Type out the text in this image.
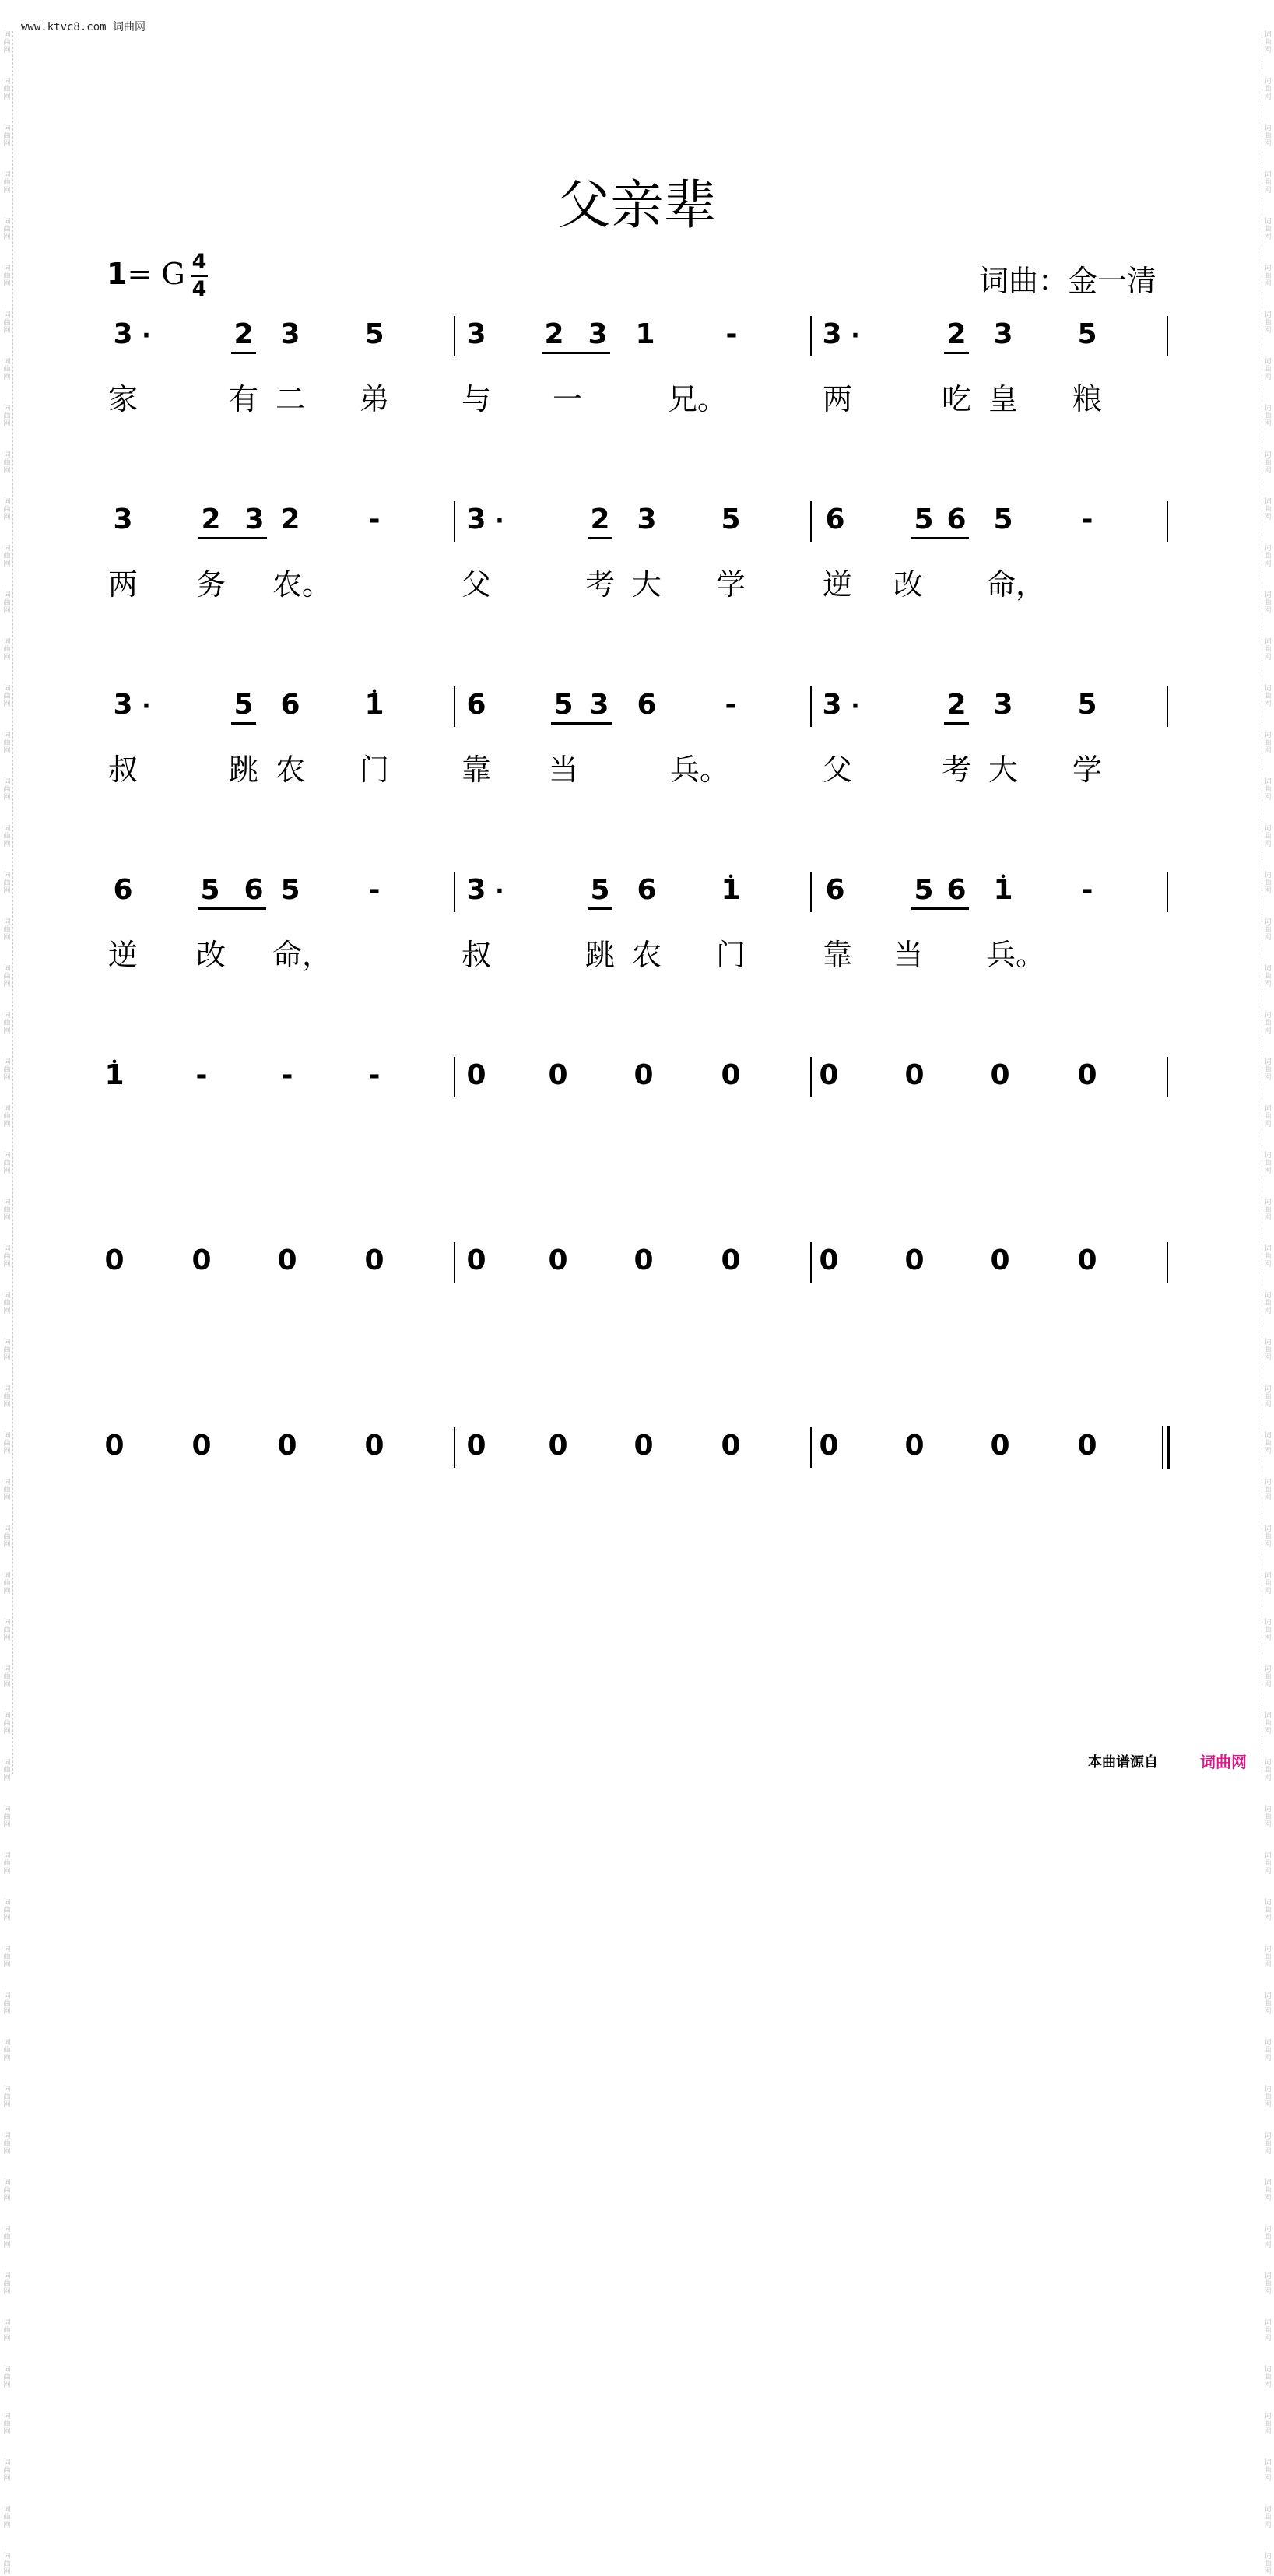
www.ktvc8.com 词曲网
词曲网
词曲网
词曲网
词曲网
词曲网
词曲网
词曲网
词曲网
词曲网
词曲网
词曲网
词曲网
词曲网
词曲网
词曲网
词曲网
词曲网
词曲网
词曲网
词曲网
词曲网
词曲网
词曲网
词曲网
词曲网
词曲网
词曲网
词曲网
词曲网
词曲网
词曲网
词曲网
词曲网
词曲网
词曲网
词曲网
词曲网
词曲网
词曲网
词曲网
词曲网
词曲网
词曲网
词曲网
词曲网
词曲网
词曲网
词曲网
词曲网
词曲网
词曲网
词曲网
词曲网
词曲网
词曲网
词曲网
词曲网
词曲网
词曲网
词曲网
词曲网
词曲网
词曲网
词曲网
词曲网
词曲网
词曲网
词曲网
词曲网
词曲网
词曲网
词曲网
词曲网
词曲网
词曲网
词曲网
词曲网
词曲网
词曲网
词曲网
词曲网
词曲网
词曲网
词曲网
词曲网
词曲网
词曲网
词曲网
词曲网
词曲网
词曲网
词曲网
词曲网
词曲网
词曲网
词曲网
词曲网
词曲网
词曲网
词曲网
词曲网
词曲网
词曲网
词曲网
词曲网
词曲网
词曲网
词曲网
词曲网
词曲网
父亲辈
1= G 4
4	词曲：金一清
3 ·	2 3 5	3 2 3 1	-	3 ·	2 3 5
家	有 二 弟 与 一	兄。	两	吃 皇 粮
3 2 3 2	-	3 ·	2 3 5	6 5 6 5	-
两 务 农。	父	考 大 学	逆 改 命，
3 ·	5 6 • 1	6 5 3 6	-	3 ·	2 3 5
叔	跳 农 门 靠 当	兵。	父	考 大 学
6 5 6 5	-	3 ·	5 6 • 1	6 5 6 • 1	-
逆 改 命，	叔	跳 农 门	靠 当 兵。
• 1	-	-	-	0 0 0 0	0 0 0 0
0 0 0 0	0 0 0 0	0 0 0 0
0 0 0 0	0 0 0 0	0 0 0 0
本曲谱源自	词曲网
